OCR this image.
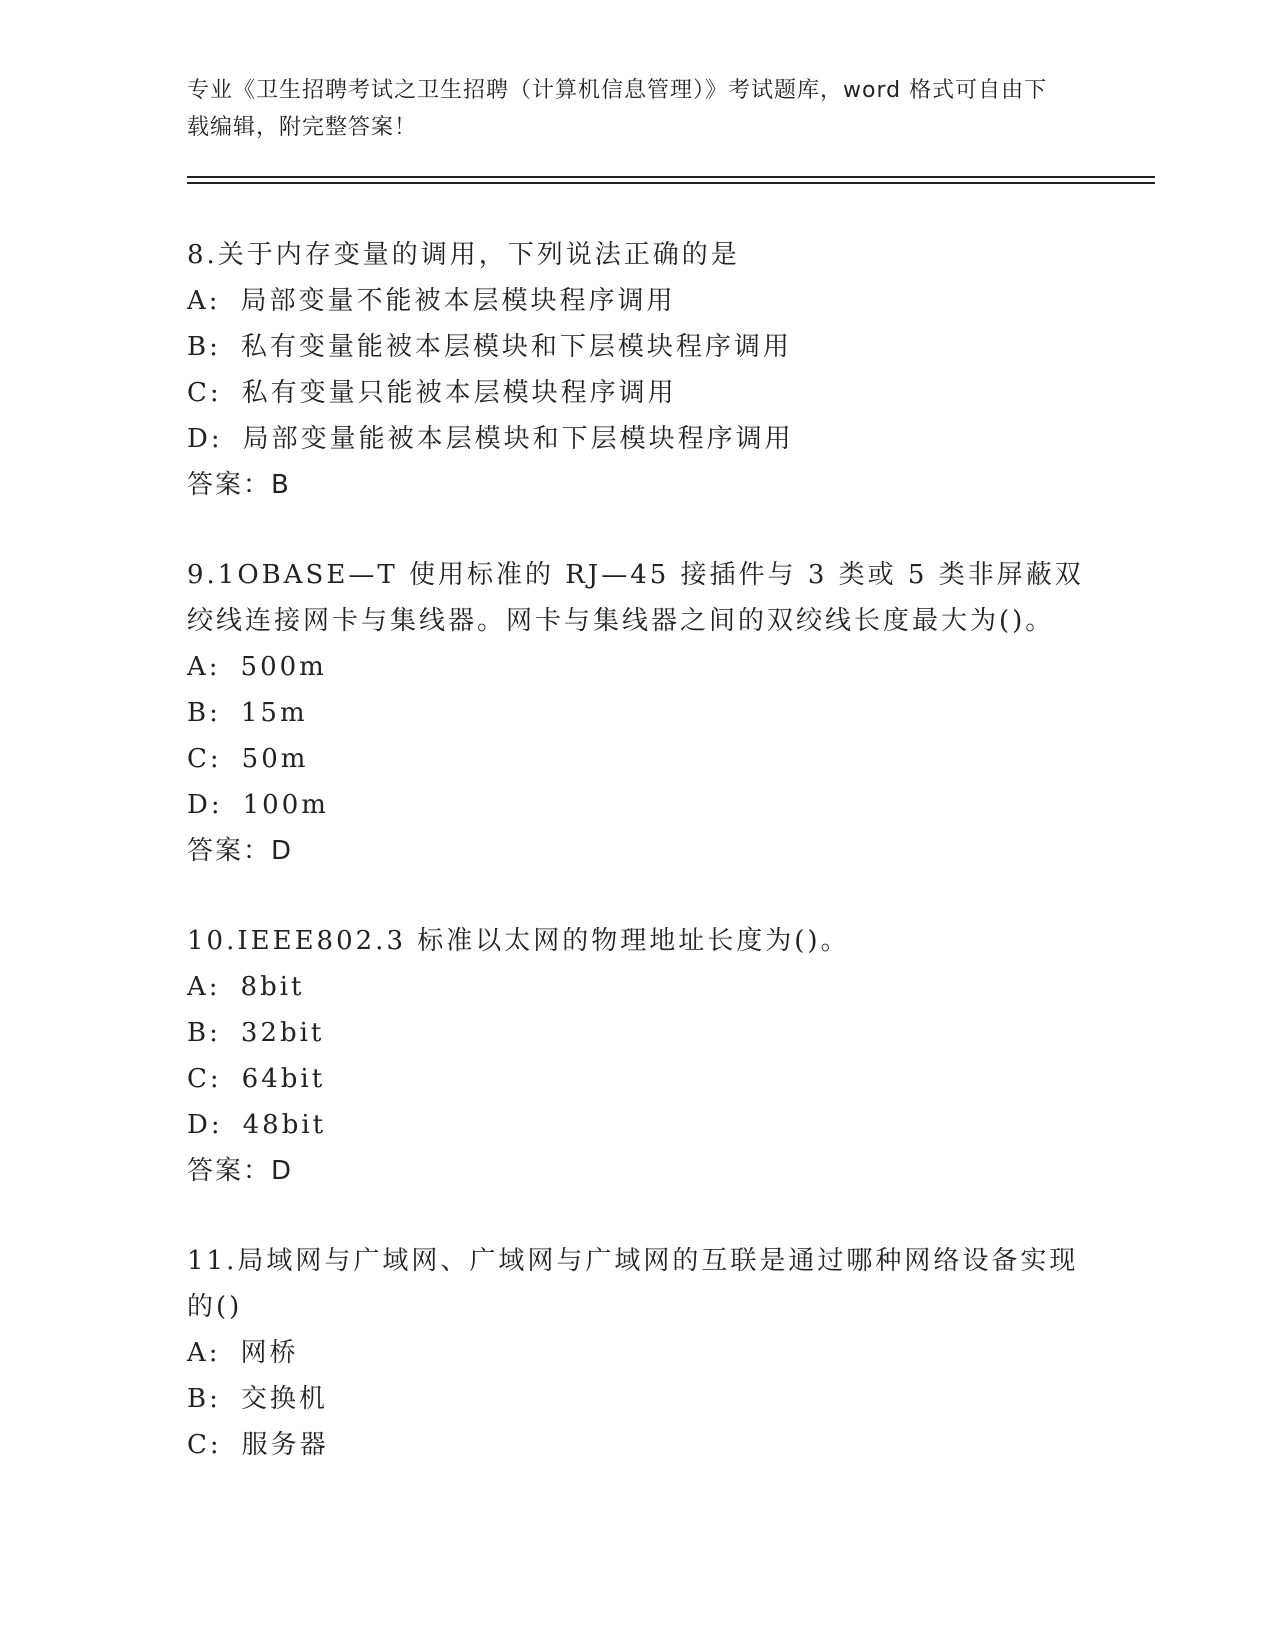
专业《卫生招聘考试之卫生招聘（计算机信息管理）》考试题库，word 格式可自由下载编辑，附完整答案！
8.关于内存变量的调用，下列说法正确的是
A: 局部变量不能被本层模块程序调用
B: 私有变量能被本层模块和下层模块程序调用
C: 私有变量只能被本层模块程序调用
D: 局部变量能被本层模块和下层模块程序调用
答案：B
9.1OBASE—T 使用标准的 RJ—45 接插件与 3 类或 5 类非屏蔽双绞线连接网卡与集线器。网卡与集线器之间的双绞线长度最大为()。
A: 500m
B: 15m
C: 50m
D: 100m
答案：D
10.IEEE802.3 标准以太网的物理地址长度为()。
A: 8bit
B: 32bit
C: 64bit
D: 48bit
答案：D
11.局域网与广域网、广域网与广域网的互联是通过哪种网络设备实现的()
A: 网桥
B: 交换机
C: 服务器
